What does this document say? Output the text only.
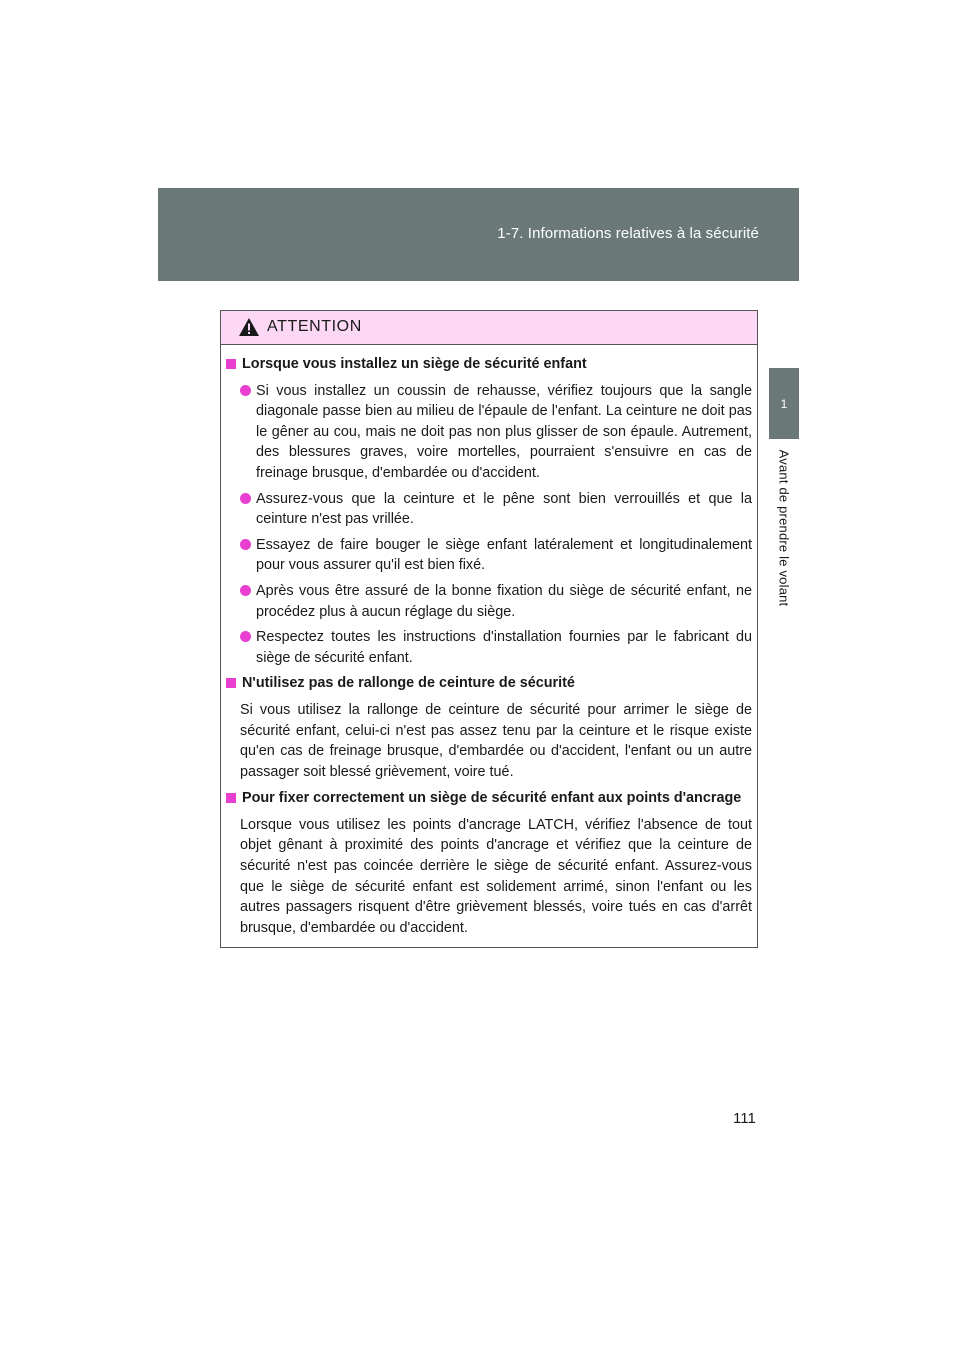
1-7. Informations relatives à la sécurité
1
Avant de prendre le volant
ATTENTION
Lorsque vous installez un siège de sécurité enfant
Si vous installez un coussin de rehausse, vérifiez toujours que la sangle diagonale passe bien au milieu de l'épaule de l'enfant. La ceinture ne doit pas le gêner au cou, mais ne doit pas non plus glisser de son épaule. Autrement, des blessures graves, voire mortelles, pourraient s'ensuivre en cas de freinage brusque, d'embardée ou d'accident.
Assurez-vous que la ceinture et le pêne sont bien verrouillés et que la ceinture n'est pas vrillée.
Essayez de faire bouger le siège enfant latéralement et longitudinalement pour vous assurer qu'il est bien fixé.
Après vous être assuré de la bonne fixation du siège de sécurité enfant, ne procédez plus à aucun réglage du siège.
Respectez toutes les instructions d'installation fournies par le fabricant du siège de sécurité enfant.
N'utilisez pas de rallonge de ceinture de sécurité
Si vous utilisez la rallonge de ceinture de sécurité pour arrimer le siège de sécurité enfant, celui-ci n'est pas assez tenu par la ceinture et le risque existe qu'en cas de freinage brusque, d'embardée ou d'accident, l'enfant ou un autre passager soit blessé grièvement, voire tué.
Pour fixer correctement un siège de sécurité enfant aux points d'ancrage
Lorsque vous utilisez les points d'ancrage LATCH, vérifiez l'absence de tout objet gênant à proximité des points d'ancrage et vérifiez que la ceinture de sécurité n'est pas coincée derrière le siège de sécurité enfant. Assurez-vous que le siège de sécurité enfant est solidement arrimé, sinon l'enfant ou les autres passagers risquent d'être grièvement blessés, voire tués en cas d'arrêt brusque, d'embardée ou d'accident.
111
